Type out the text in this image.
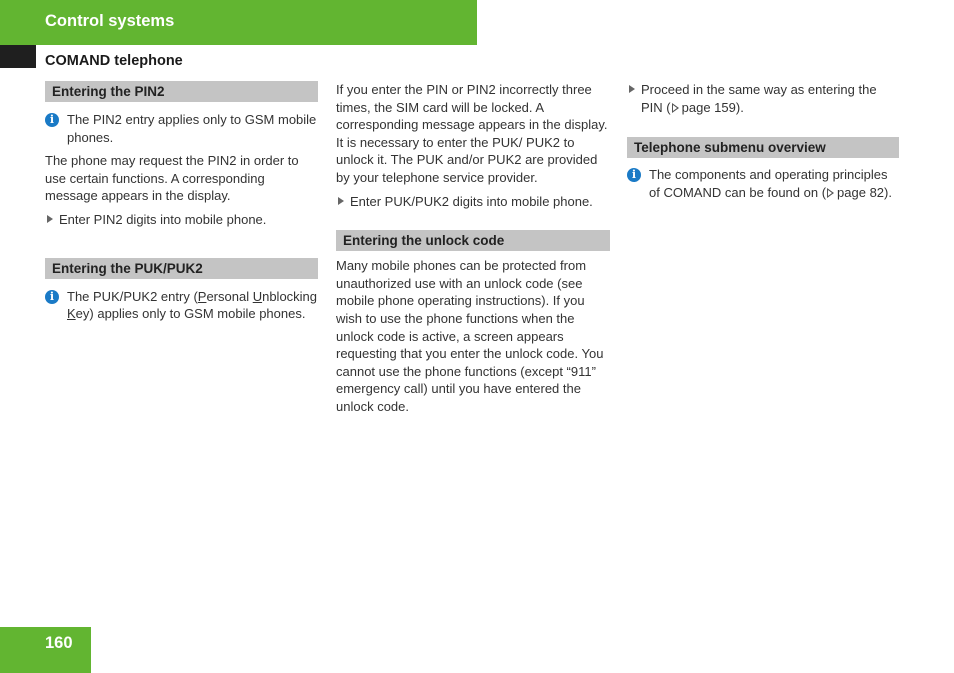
Control systems
COMAND telephone
Entering the PIN2
i The PIN2 entry applies only to GSM mobile phones.

The phone may request the PIN2 in order to use certain functions. A corresponding message appears in the display.

Enter PIN2 digits into mobile phone.
Entering the PUK/PUK2
i The PUK/PUK2 entry (Personal Unblocking Key) applies only to GSM mobile phones.

If you enter the PIN or PIN2 incorrectly three times, the SIM card will be locked. A corresponding message appears in the display. It is necessary to enter the PUK/ PUK2 to unlock it. The PUK and/or PUK2 are provided by your telephone service provider.

Enter PUK/PUK2 digits into mobile phone.
Entering the unlock code

Many mobile phones can be protected from unauthorized use with an unlock code (see mobile phone operating instructions). If you wish to use the phone functions when the unlock code is active, a screen appears requesting that you enter the unlock code. You cannot use the phone functions (except “911” emergency call) until you have entered the unlock code.

Proceed in the same way as entering the PIN ( page 159).
Telephone submenu overview
i The components and operating principles of COMAND can be found on ( page 82).
160
